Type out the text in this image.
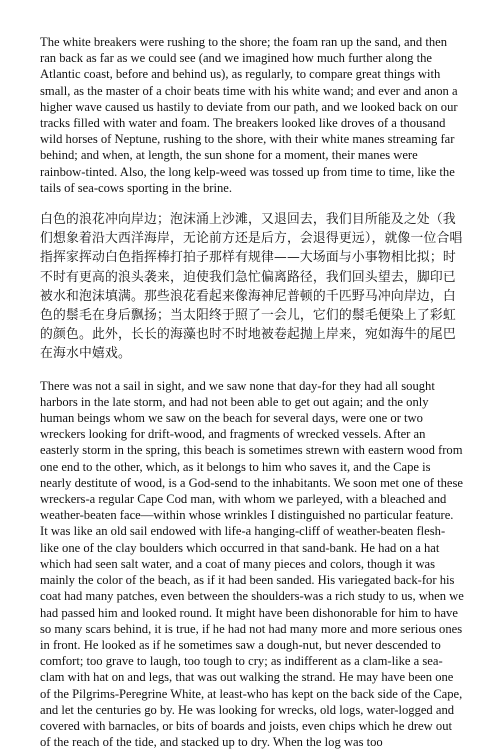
The white breakers were rushing to the shore; the foam ran up the sand, and then ran back as far as we could see (and we imagined how much further along the Atlantic coast, before and behind us), as regularly, to compare great things with small, as the master of a choir beats time with his white wand; and ever and anon a higher wave caused us hastily to deviate from our path, and we looked back on our tracks filled with water and foam. The breakers looked like droves of a thousand wild horses of Neptune, rushing to the shore, with their white manes streaming far behind; and when, at length, the sun shone for a moment, their manes were rainbow-tinted. Also, the long kelp-weed was tossed up from time to time, like the tails of sea-cows sporting in the brine.

白色的浪花冲向岸边；泡沫涌上沙滩，又退回去，我们目所能及之处（我们想象着沿大西洋海岸，无论前方还是后方，会退得更远），就像一位合唱指挥家挥动白色指挥棒打拍子那样有规律——大场面与小事物相比拟；时不时有更高的浪头袭来，迫使我们急忙偏离路径，我们回头望去，脚印已被水和泡沫填满。那些浪花看起来像海神尼普顿的千匹野马冲向岸边，白色的鬃毛在身后飘扬；当太阳终于照了一会儿，它们的鬃毛便染上了彩虹的颜色。此外，长长的海藻也时不时地被卷起抛上岸来，宛如海牛的尾巴在海水中嬉戏。

There was not a sail in sight, and we saw none that day-for they had all sought harbors in the late storm, and had not been able to get out again; and the only human beings whom we saw on the beach for several days, were one or two wreckers looking for drift-wood, and fragments of wrecked vessels. After an easterly storm in the spring, this beach is sometimes strewn with eastern wood from one end to the other, which, as it belongs to him who saves it, and the Cape is nearly destitute of wood, is a God-send to the inhabitants. We soon met one of these wreckers-a regular Cape Cod man, with whom we parleyed, with a bleached and weather-beaten face—within whose wrinkles I distinguished no particular feature. It was like an old sail endowed with life-a hanging-cliff of weather-beaten flesh-like one of the clay boulders which occurred in that sand-bank. He had on a hat which had seen salt water, and a coat of many pieces and colors, though it was mainly the color of the beach, as if it had been sanded. His variegated back-for his coat had many patches, even between the shoulders-was a rich study to us, when we had passed him and looked round. It might have been dishonorable for him to have so many scars behind, it is true, if he had not had many more and more serious ones in front. He looked as if he sometimes saw a dough-nut, but never descended to comfort; too grave to laugh, too tough to cry; as indifferent as a clam-like a sea-clam with hat on and legs, that was out walking the strand. He may have been one of the Pilgrims-Peregrine White, at least-who has kept on the back side of the Cape, and let the centuries go by. He was looking for wrecks, old logs, water-logged and covered with barnacles, or bits of boards and joists, even chips which he drew out of the reach of the tide, and stacked up to dry. When the log was too
